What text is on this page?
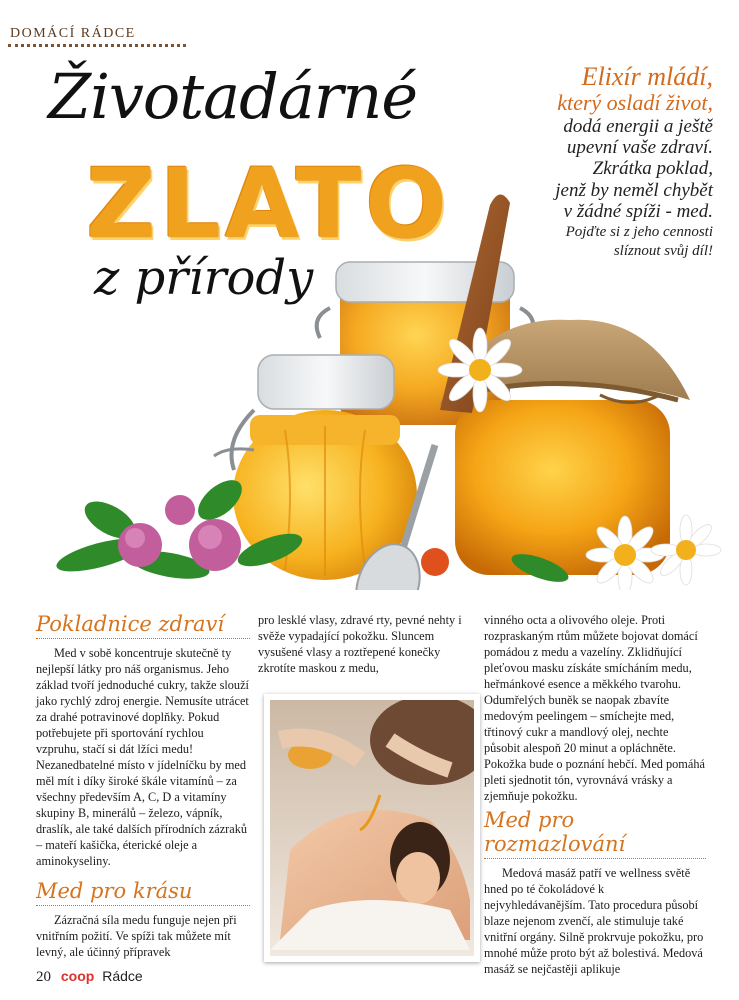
DOMÁCÍ RÁDCE
Životadárné
ZLATO
z přírody
Elixír mládí,
který osladí život,
dodá energii a ještě
upevní vaše zdraví.
Zkrátka poklad,
jenž by neměl chybět
v žádné spíži - med.
Pojďte si z jeho cennosti
slíznout svůj díl!
Pokladnice zdraví

Med v sobě koncentruje skutečně ty nejlepší látky pro náš organismus. Jeho základ tvoří jednoduché cukry, takže slouží jako rychlý zdroj energie. Nemusíte utrácet za drahé potravinové doplňky. Pokud potřebujete při sportování rychlou vzpruhu, stačí si dát lžíci medu! Nezanedbatelné místo v jídelníčku by med měl mít i díky široké škále vitamínů – za všechny především A, C, D a vitamíny skupiny B, minerálů – železo, vápník, draslík, ale také dalších přírodních zázraků – mateří kašička, éterické oleje a aminokyseliny.

Med pro krásu

Zázračná síla medu funguje nejen při vnitřním požití. Ve spíži tak můžete mít levný, ale účinný přípravek

pro lesklé vlasy, zdravé rty, pevné nehty i svěže vypadající pokožku. Sluncem vysušené vlasy a roztřepené konečky zkrotíte maskou z medu,

vinného octa a olivového oleje. Proti rozpraskaným rtům můžete bojovat domácí pomádou z medu a vazelíny. Zklidňující pleťovou masku získáte smícháním medu, heřmánkové esence a měkkého tvarohu. Odumřelých buněk se naopak zbavíte medovým peelingem – smíchejte med, třtinový cukr a mandlový olej, nechte působit alespoň 20 minut a opláchněte. Pokožka bude o poznání hebčí. Med pomáhá pleti sjednotit tón, vyrovnává vrásky a zjemňuje pokožku.

Med pro rozmazlování

Medová masáž patří ve wellness světě hned po té čokoládové k nejvyhledávanějším. Tato procedura působí blaze nejenom zvenčí, ale stimuluje také vnitřní orgány. Silně prokrvuje pokožku, pro mnohé může proto být až bolestivá. Medová masáž se nejčastěji aplikuje

20 coop Rádce
